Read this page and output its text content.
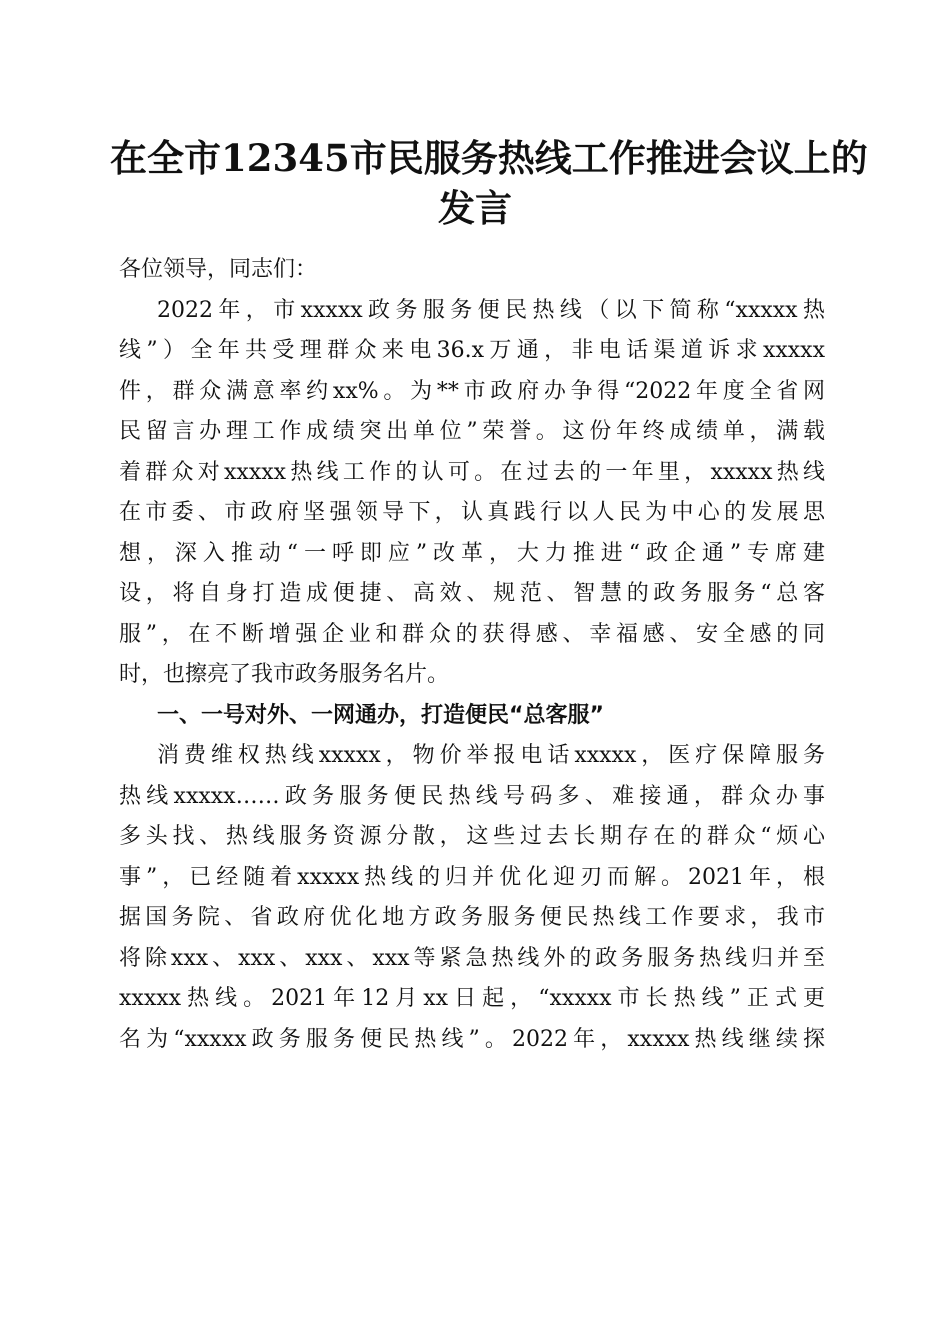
在全市12345市民服务热线工作推进会议上的
发言
各位领导，同志们：
2022年，市xxxxx政务服务便民热线（以下简称“xxxxx热
线”）全年共受理群众来电36.x万通，非电话渠道诉求xxxxx
件，群众满意率约xx%。为**市政府办争得“2022年度全省网
民留言办理工作成绩突出单位”荣誉。这份年终成绩单，满载
着群众对xxxxx热线工作的认可。在过去的一年里，xxxxx热线
在市委、市政府坚强领导下，认真践行以人民为中心的发展思
想，深入推动“一呼即应”改革，大力推进“政企通”专席建
设，将自身打造成便捷、高效、规范、智慧的政务服务“总客
服”，在不断增强企业和群众的获得感、幸福感、安全感的同
时，也擦亮了我市政务服务名片。
一、一号对外、一网通办，打造便民“总客服”
消费维权热线xxxxx，物价举报电话xxxxx，医疗保障服务
热线xxxxx……政务服务便民热线号码多、难接通，群众办事
多头找、热线服务资源分散，这些过去长期存在的群众“烦心
事”，已经随着xxxxx热线的归并优化迎刃而解。2021年，根
据国务院、省政府优化地方政务服务便民热线工作要求，我市
将除xxx、xxx、xxx、xxx等紧急热线外的政务服务热线归并至
xxxxx热线。2021年12月xx日起，“xxxxx市长热线”正式更
名为“xxxxx政务服务便民热线”。2022年，xxxxx热线继续探
